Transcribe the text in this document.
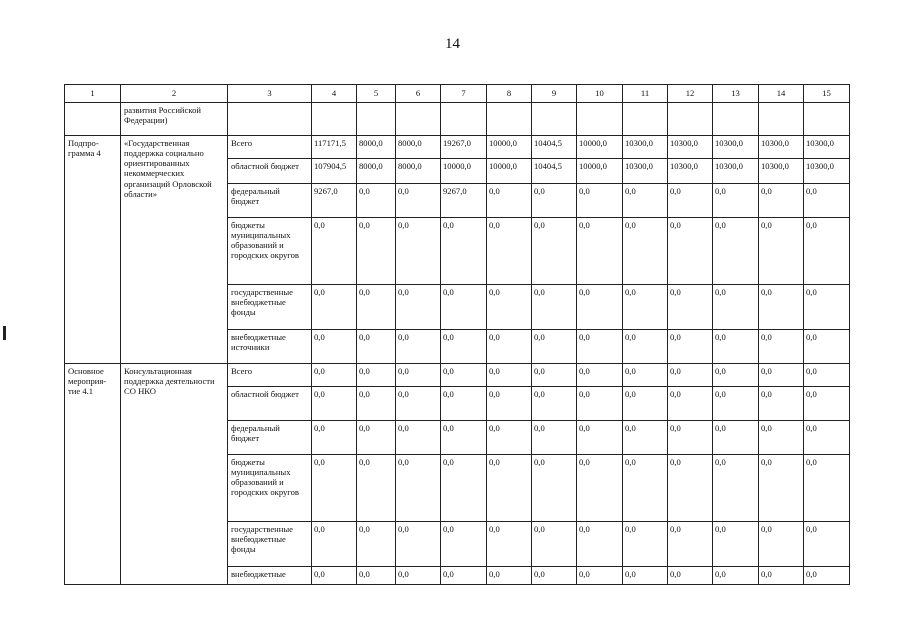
14
1	2	3	4	5	6	7	8	9	10	11	12	13	14	15
	развития Российской Федерации)													
Подпро-грамма 4	«Государственная поддержка социально ориентированных некоммерческих организаций Орловской области»	Всего	117171,5	8000,0	8000,0	19267,0	10000,0	10404,5	10000,0	10300,0	10300,0	10300,0	10300,0	10300,0
		областной бюджет	107904,5	8000,0	8000,0	10000,0	10000,0	10404,5	10000,0	10300,0	10300,0	10300,0	10300,0	10300,0
		федеральный бюджет	9267,0	0,0	0,0	9267,0	0,0	0,0	0,0	0,0	0,0	0,0	0,0	0,0
		бюджеты муниципальных образований и городских округов	0,0	0,0	0,0	0,0	0,0	0,0	0,0	0,0	0,0	0,0	0,0	0,0
		государственные внебюджетные фонды	0,0	0,0	0,0	0,0	0,0	0,0	0,0	0,0	0,0	0,0	0,0	0,0
		внебюджетные источники	0,0	0,0	0,0	0,0	0,0	0,0	0,0	0,0	0,0	0,0	0,0	0,0
Основное мероприя-тие 4.1	Консультационная поддержка деятельности СО НКО	Всего	0,0	0,0	0,0	0,0	0,0	0,0	0,0	0,0	0,0	0,0	0,0	0,0
		областной бюджет	0,0	0,0	0,0	0,0	0,0	0,0	0,0	0,0	0,0	0,0	0,0	0,0
		федеральный бюджет	0,0	0,0	0,0	0,0	0,0	0,0	0,0	0,0	0,0	0,0	0,0	0,0
		бюджеты муниципальных образований и городских округов	0,0	0,0	0,0	0,0	0,0	0,0	0,0	0,0	0,0	0,0	0,0	0,0
		государственные внебюджетные фонды	0,0	0,0	0,0	0,0	0,0	0,0	0,0	0,0	0,0	0,0	0,0	0,0
		внебюджетные	0,0	0,0	0,0	0,0	0,0	0,0	0,0	0,0	0,0	0,0	0,0	0,0
